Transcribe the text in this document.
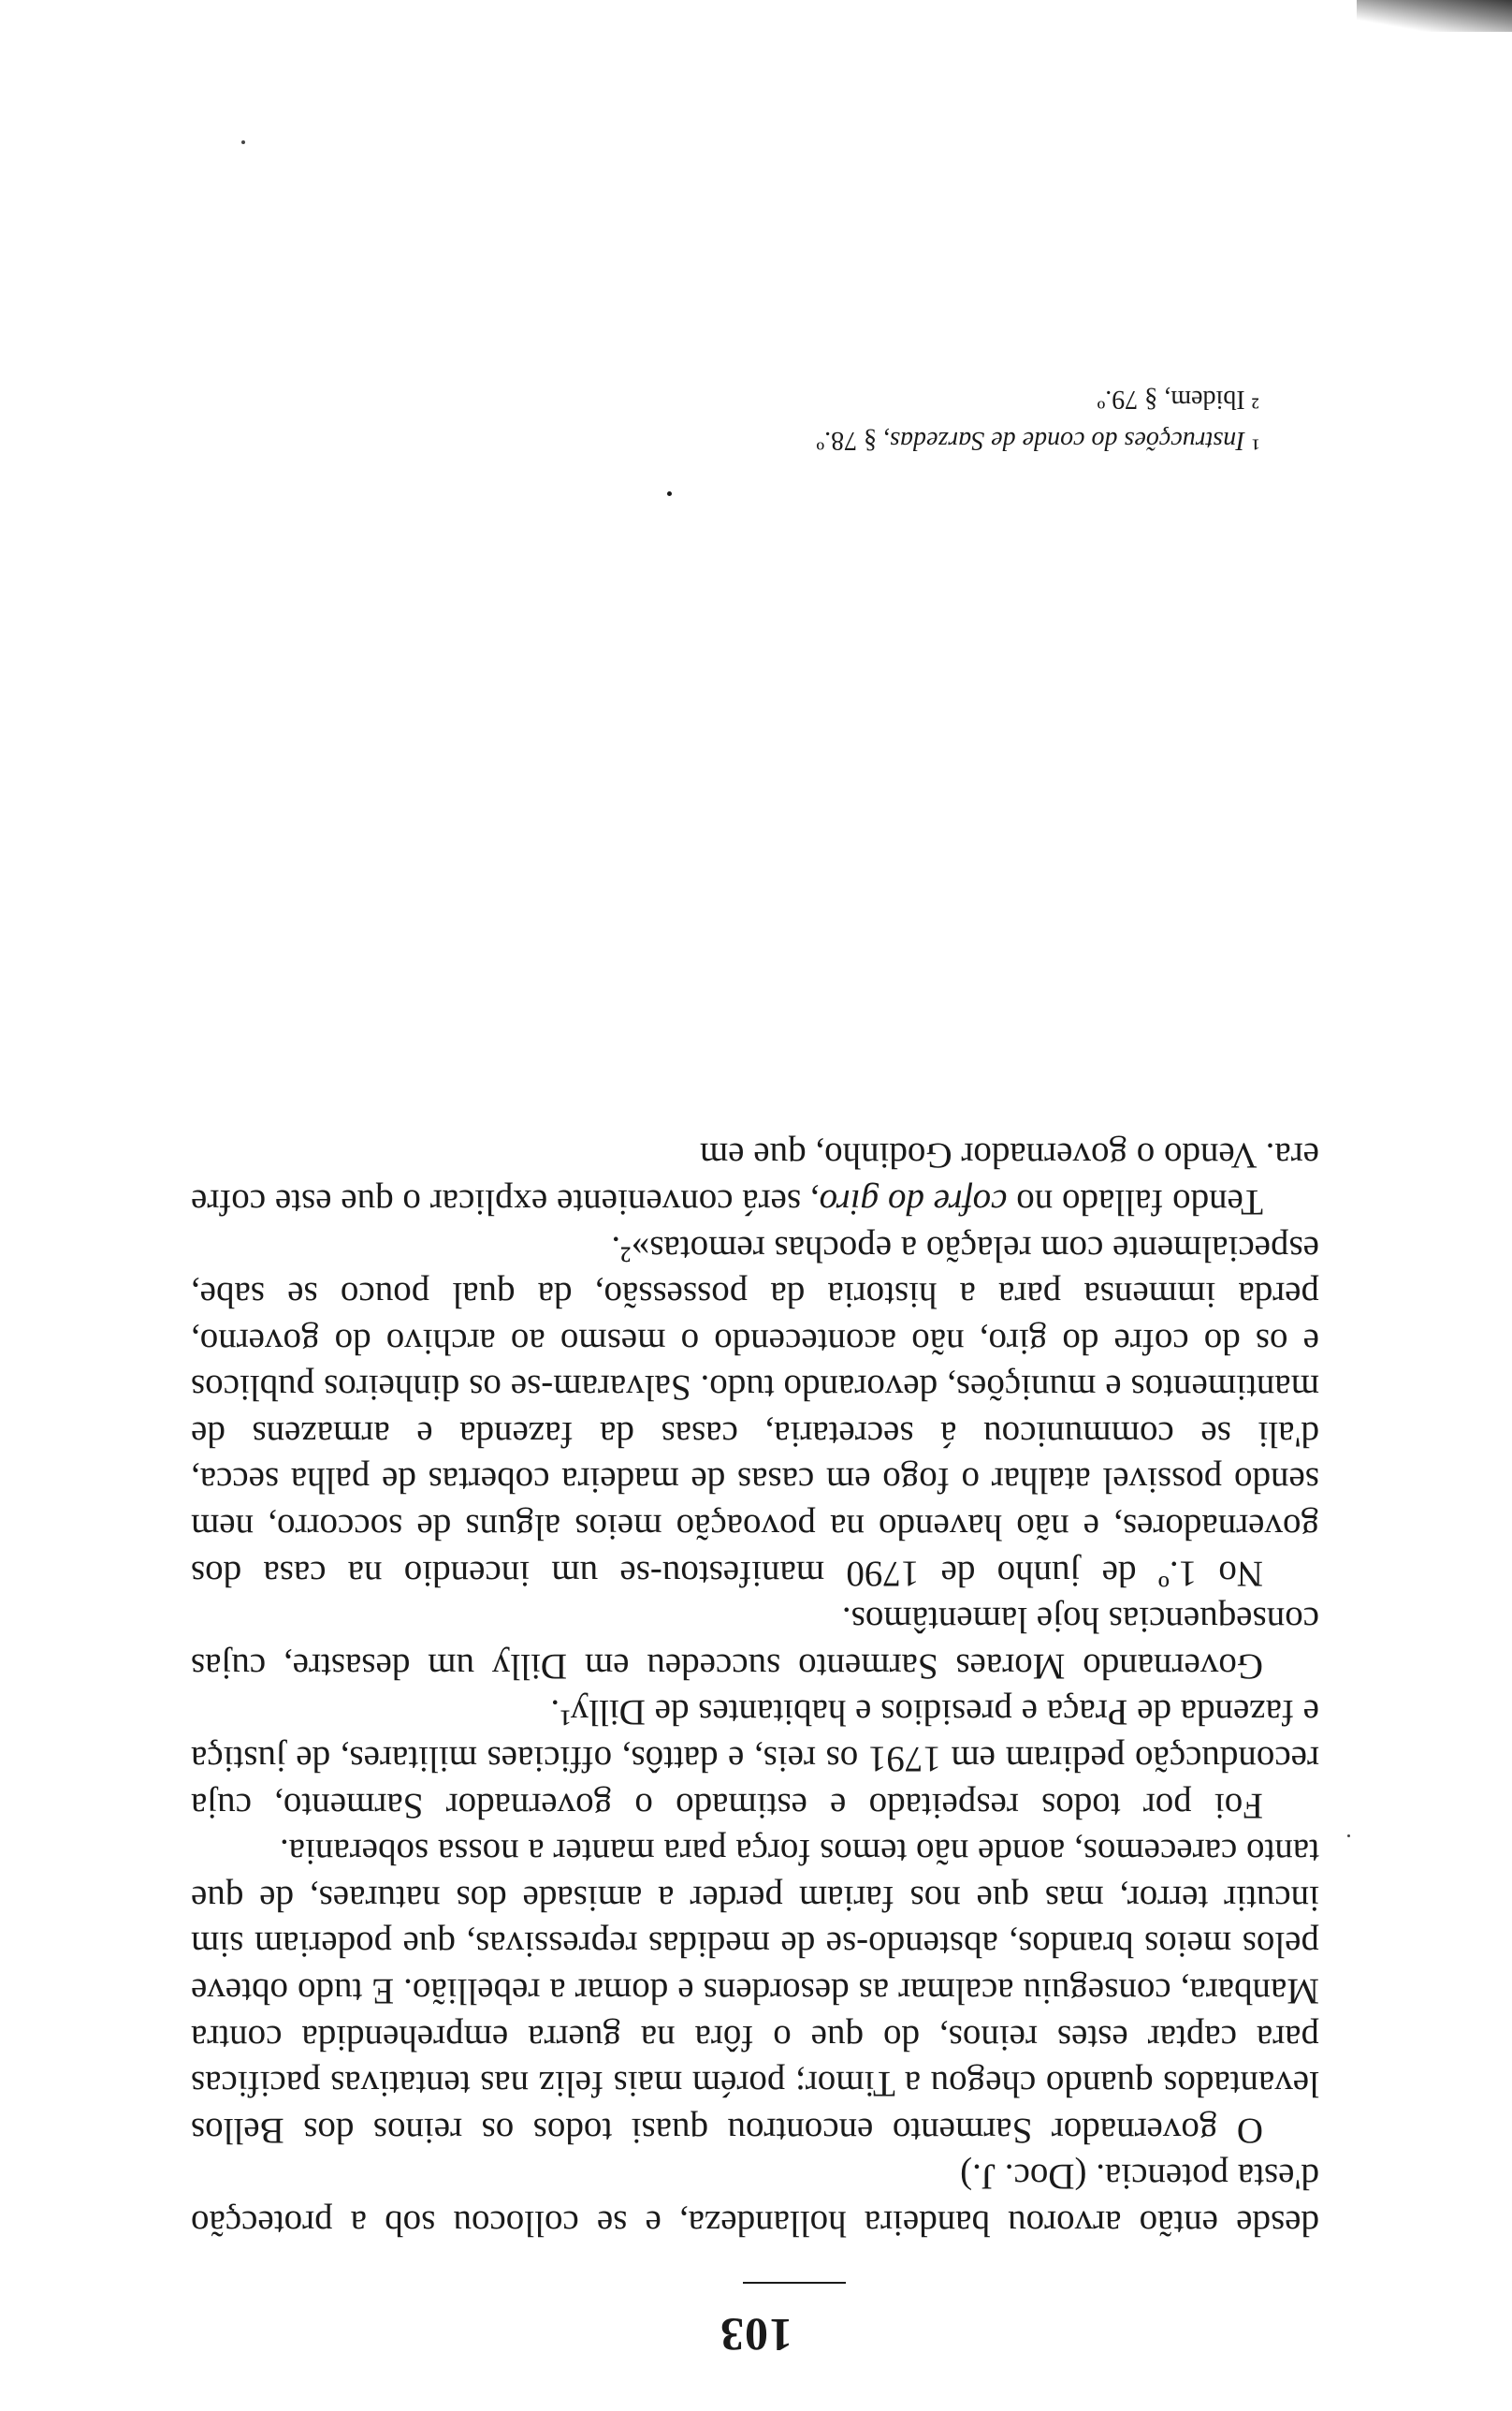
103

desde então arvorou bandeira hollandeza, e se collocou sob a protecção d'esta potencia. (Doc. J.)

O governador Sarmento encontrou quasi todos os reinos dos Bellos levantados quando chegou a Timor; porém mais feliz nas tentativas pacificas para captar estes reinos, do que o fôra na guerra emprehendida contra Manbara, conseguiu acalmar as desordens e domar a rebellião. E tudo obteve pelos meios brandos, abstendo-se de medidas repressivas, que poderiam sim incutir terror, mas que nos fariam perder a amisade dos naturaes, de que tanto carecemos, aonde não temos força para manter a nossa soberania.

Foi por todos respeitado e estimado o governador Sarmento, cuja reconducção pediram em 1791 os reis, e dattôs, officiaes militares, de justiça e fazenda de Praça e presidios e habitantes de Dilly¹.

Governando Moraes Sarmento succedeu em Dilly um desastre, cujas consequencias hoje lamentâmos.

No 1.º de junho de 1790 manifestou-se um incendio na casa dos governadores, e não havendo na povoação meios alguns de soccorro, nem sendo possivel atalhar o fogo em casas de madeira cobertas de palha secca, d'ali se communicou á secretaria, casas da fazenda e armazens de mantimentos e munições, devorando tudo. Salvaram-se os dinheiros publicos e os do cofre do giro, não acontecendo o mesmo ao archivo do governo, perda immensa para a historia da possessão, da qual pouco se sabe, especialmente com relação a epochas remotas»².

Tendo fallado no cofre do giro, será conveniente explicar o que este cofre era. Vendo o governador Godinho, que em

¹ Instrucções do conde de Sarzedas, § 78.º

² Ibidem, § 79.º
